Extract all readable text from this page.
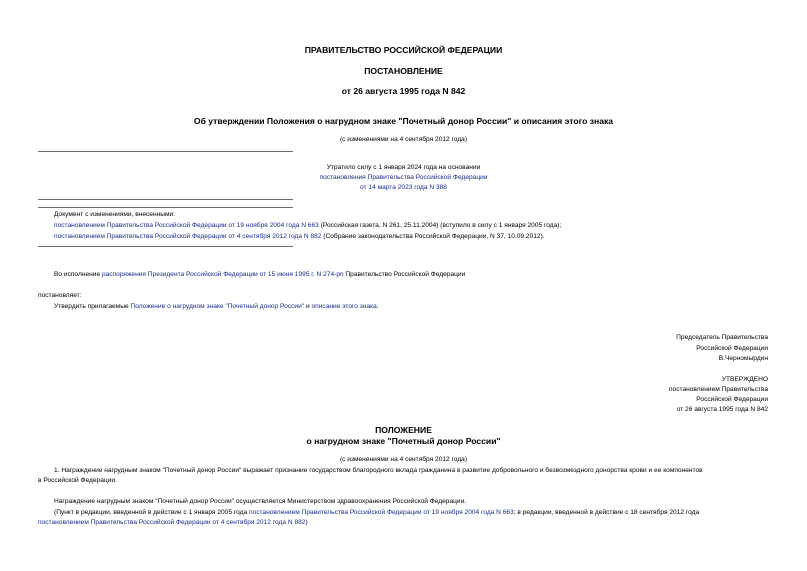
ПРАВИТЕЛЬСТВО РОССИЙСКОЙ ФЕДЕРАЦИИ
ПОСТАНОВЛЕНИЕ
от 26 августа 1995 года N 842
Об утверждении Положения о нагрудном знаке "Почетный донор России" и описания этого знака
(с изменениями на 4 сентября 2012 года)
Утратило силу с 1 января 2024 года на основании
постановления Правительства Российской Федерации
от 14 марта 2023 года N 388
Документ с изменениями, внесенными:
постановлением Правительства Российской Федерации от 19 ноября 2004 года N 663 (Российская газета, N 261, 25.11.2004) (вступило в силу с 1 января 2005 года);
постановлением Правительства Российской Федерации от 4 сентября 2012 года N 882 (Собрание законодательства Российской Федерации, N 37, 10.09.2012).
Во исполнение распоряжения Президента Российской Федерации от 15 июня 1995 г. N 274-рп Правительство Российской Федерации
постановляет:
Утвердить прилагаемые Положение о нагрудном знаке "Почетный донор России" и описание этого знака.
Председатель Правительства
Российской Федерации
В.Черномырдин
УТВЕРЖДЕНО
постановлением Правительства
Российской Федерации
от 26 августа 1995 года N 842
ПОЛОЖЕНИЕ
о нагрудном знаке "Почетный донор России"
(с изменениями на 4 сентября 2012 года)
1. Награждение нагрудным знаком "Почетный донор России" выражает признание государством благородного вклада гражданина в развитие добровольного и безвозмездного донорства крови и ее компонентов
в Российской Федерации.
Награждение нагрудным знаком "Почетный донор России" осуществляется Министерством здравоохранения Российской Федерации.
(Пункт в редакции, введенной в действие с 1 января 2005 года постановлением Правительства Российской Федерации от 19 ноября 2004 года N 663; в редакции, введенной в действие с 18 сентября 2012 года
постановлением Правительства Российской Федерации от 4 сентября 2012 года N 882)
